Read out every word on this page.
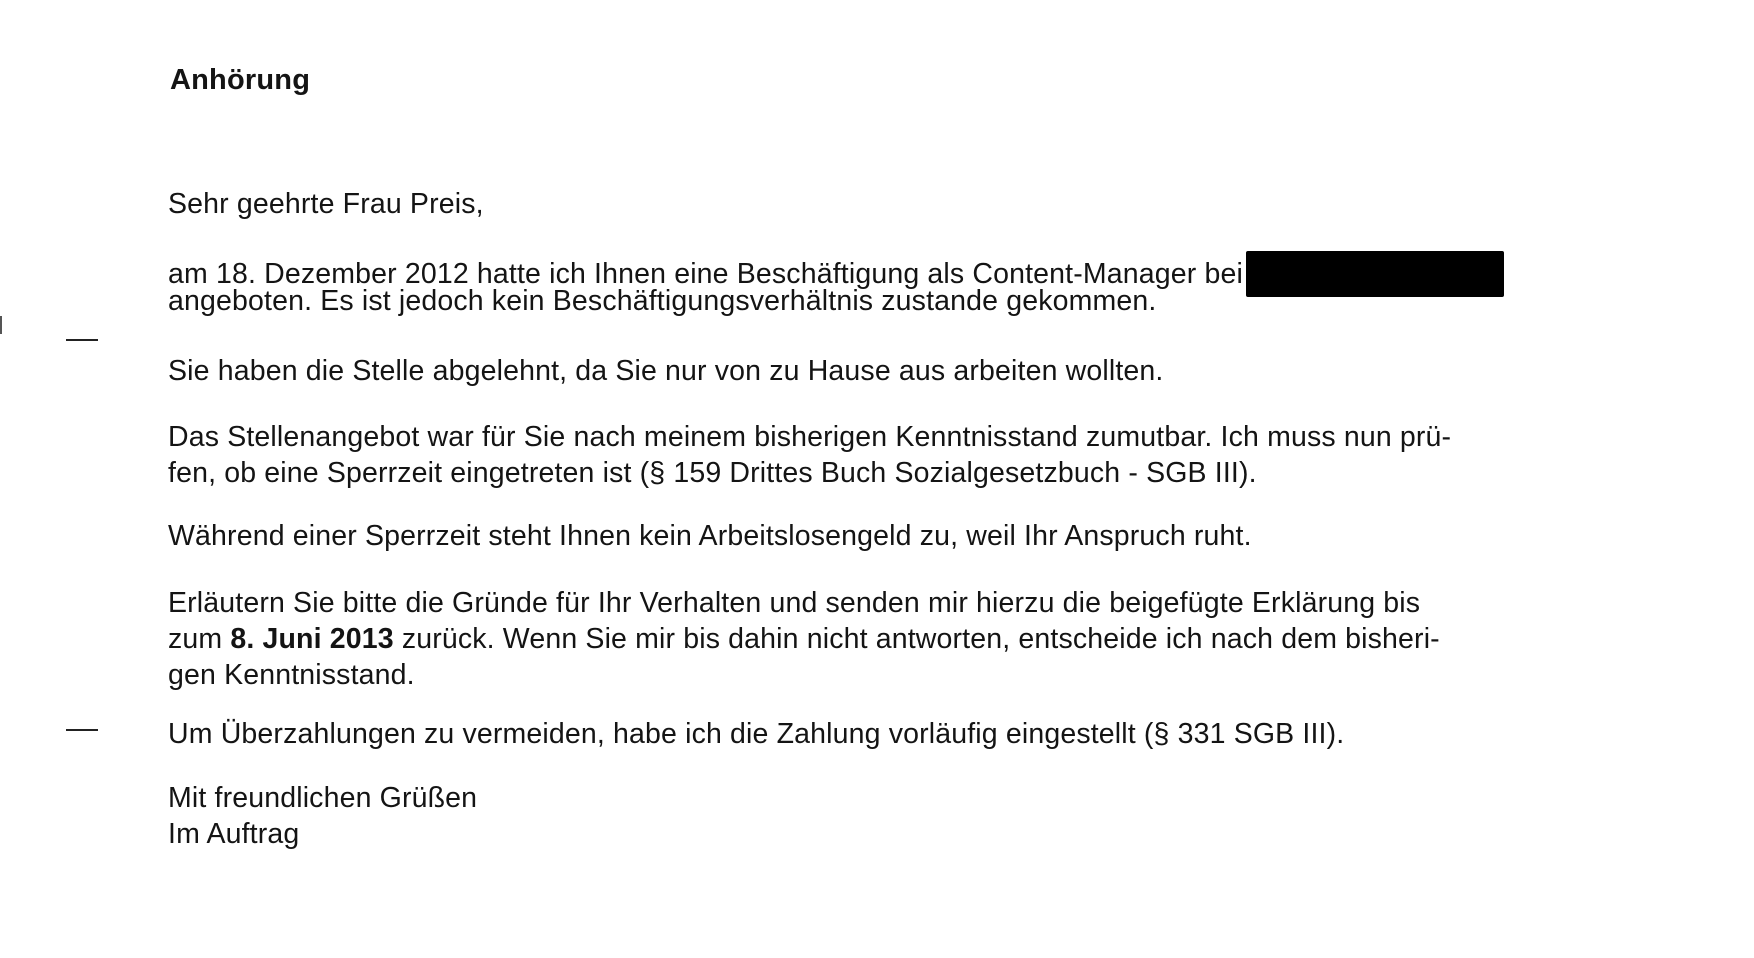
Anhörung

Sehr geehrte Frau Preis,

am 18. Dezember 2012 hatte ich Ihnen eine Beschäftigung als Content-Manager bei
angeboten. Es ist jedoch kein Beschäftigungsverhältnis zustande gekommen.

Sie haben die Stelle abgelehnt, da Sie nur von zu Hause aus arbeiten wollten.

Das Stellenangebot war für Sie nach meinem bisherigen Kenntnisstand zumutbar. Ich muss nun prü-
fen, ob eine Sperrzeit eingetreten ist (§ 159 Drittes Buch Sozialgesetzbuch - SGB III).

Während einer Sperrzeit steht Ihnen kein Arbeitslosengeld zu, weil Ihr Anspruch ruht.

Erläutern Sie bitte die Gründe für Ihr Verhalten und senden mir hierzu die beigefügte Erklärung bis
zum 8. Juni 2013 zurück. Wenn Sie mir bis dahin nicht antworten, entscheide ich nach dem bisheri-
gen Kenntnisstand.

Um Überzahlungen zu vermeiden, habe ich die Zahlung vorläufig eingestellt (§ 331 SGB III).

Mit freundlichen Grüßen
Im Auftrag
